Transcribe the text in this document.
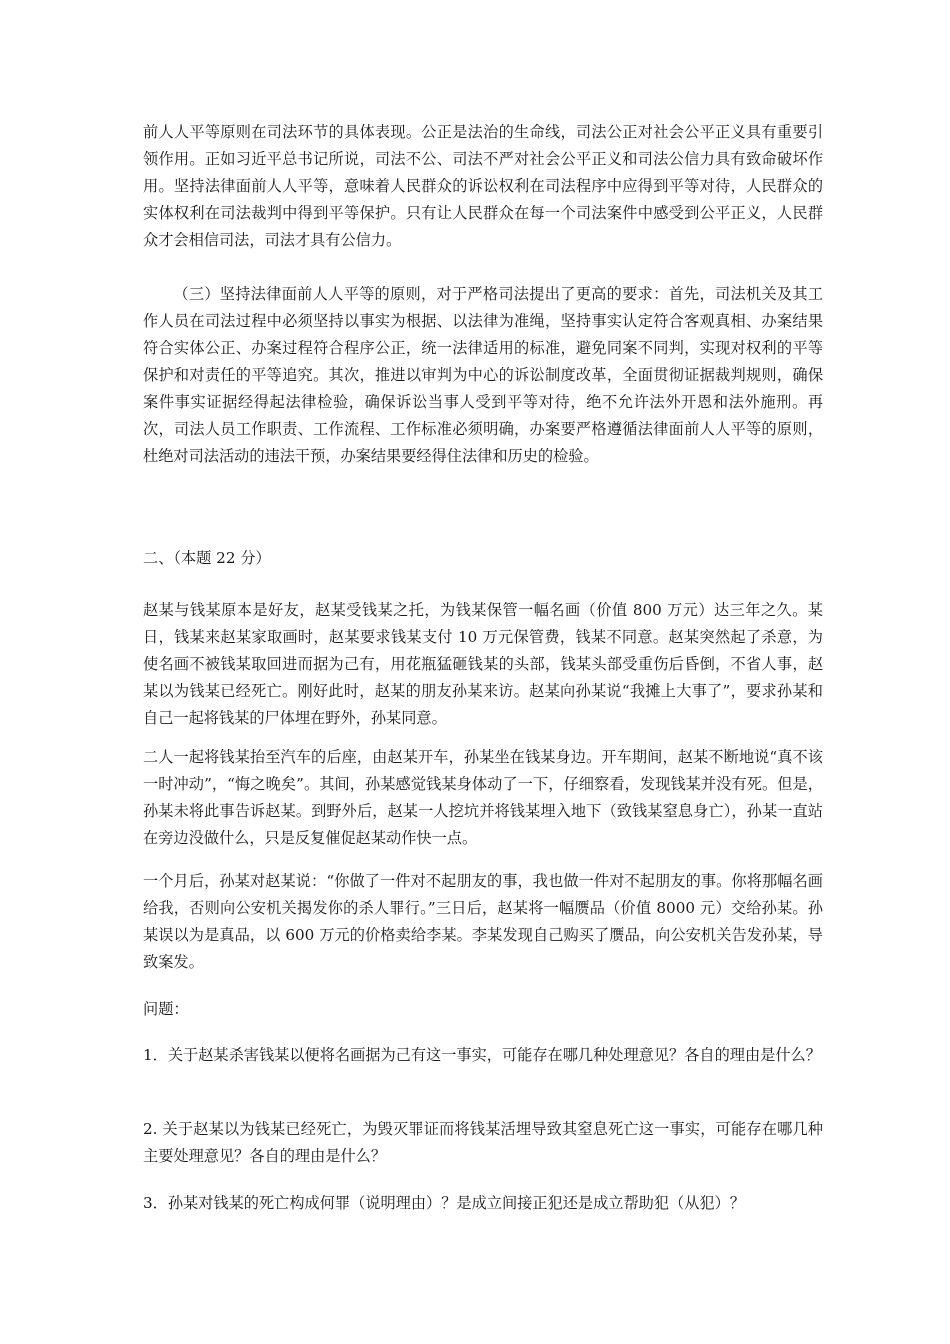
前人人平等原则在司法环节的具体表现。公正是法治的生命线，司法公正对社会公平正义具有重要引领作用。正如习近平总书记所说，司法不公、司法不严对社会公平正义和司法公信力具有致命破坏作用。坚持法律面前人人平等，意味着人民群众的诉讼权利在司法程序中应得到平等对待，人民群众的实体权利在司法裁判中得到平等保护。只有让人民群众在每一个司法案件中感受到公平正义，人民群众才会相信司法，司法才具有公信力。

（三）坚持法律面前人人平等的原则，对于严格司法提出了更高的要求：首先，司法机关及其工作人员在司法过程中必须坚持以事实为根据、以法律为准绳，坚持事实认定符合客观真相、办案结果符合实体公正、办案过程符合程序公正，统一法律适用的标准，避免同案不同判，实现对权利的平等保护和对责任的平等追究。其次，推进以审判为中心的诉讼制度改革，全面贯彻证据裁判规则，确保案件事实证据经得起法律检验，确保诉讼当事人受到平等对待，绝不允许法外开恩和法外施刑。再次，司法人员工作职责、工作流程、工作标准必须明确，办案要严格遵循法律面前人人平等的原则，杜绝对司法活动的违法干预，办案结果要经得住法律和历史的检验。

二、（本题 22 分）

赵某与钱某原本是好友，赵某受钱某之托，为钱某保管一幅名画（价值 800 万元）达三年之久。某日，钱某来赵某家取画时，赵某要求钱某支付 10 万元保管费，钱某不同意。赵某突然起了杀意，为使名画不被钱某取回进而据为己有，用花瓶猛砸钱某的头部，钱某头部受重伤后昏倒，不省人事，赵某以为钱某已经死亡。刚好此时，赵某的朋友孙某来访。赵某向孙某说“我摊上大事了”，要求孙某和自己一起将钱某的尸体埋在野外，孙某同意。

二人一起将钱某抬至汽车的后座，由赵某开车，孙某坐在钱某身边。开车期间，赵某不断地说“真不该一时冲动”，“悔之晚矣”。其间，孙某感觉钱某身体动了一下，仔细察看，发现钱某并没有死。但是，孙某未将此事告诉赵某。到野外后，赵某一人挖坑并将钱某埋入地下（致钱某窒息身亡），孙某一直站在旁边没做什么，只是反复催促赵某动作快一点。

一个月后，孙某对赵某说：“你做了一件对不起朋友的事，我也做一件对不起朋友的事。你将那幅名画给我，否则向公安机关揭发你的杀人罪行。”三日后，赵某将一幅赝品（价值 8000 元）交给孙某。孙某误以为是真品，以 600 万元的价格卖给李某。李某发现自己购买了赝品，向公安机关告发孙某，导致案发。

问题：

1．关于赵某杀害钱某以便将名画据为己有这一事实，可能存在哪几种处理意见？各自的理由是什么？

2. 关于赵某以为钱某已经死亡，为毁灭罪证而将钱某活埋导致其窒息死亡这一事实，可能存在哪几种主要处理意见？各自的理由是什么？

3．孙某对钱某的死亡构成何罪（说明理由）？是成立间接正犯还是成立帮助犯（从犯）？
